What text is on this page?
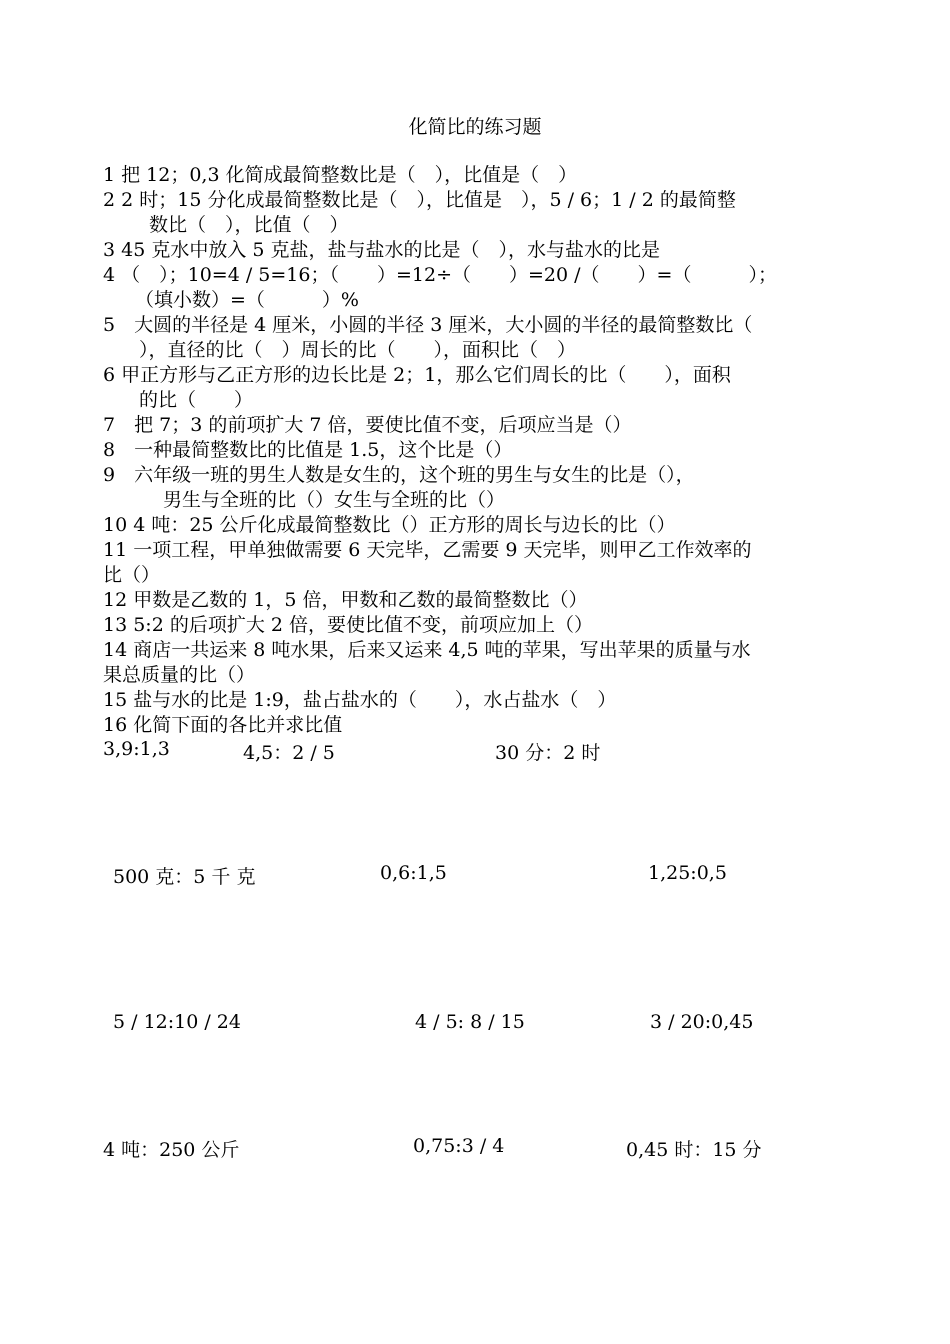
化简比的练习题
1 把 12；0,3 化简成最简整数比是（　），比值是（　）
2 2 时；15 分化成最简整数比是（　），比值是　），5 / 6；1 / 2 的最简整
　数比（　），比值（　）
3 45 克水中放入 5 克盐，盐与盐水的比是（　），水与盐水的比是
4 （　）；10=4 / 5=16；（　　）=12÷（　　）=20 /（　　）=（　　　）；
（填小数）=（　　　）%
5　大圆的半径是 4 厘米，小圆的半径 3 厘米，大小圆的半径的最简整数比（
　），直径的比（　）周长的比（　　），面积比（　）
6 甲正方形与乙正方形的边长比是 2；1，那么它们周长的比（　　），面积
　的比（　　）
7　把 7；3 的前项扩大 7 倍，要使比值不变，后项应当是（）
8　一种最简整数比的比值是 1.5，这个比是（）
9　六年级一班的男生人数是女生的，这个班的男生与女生的比是（），
　　男生与全班的比（）女生与全班的比（）
10 4 吨：25 公斤化成最简整数比（）正方形的周长与边长的比（）
11 一项工程，甲单独做需要 6 天完毕，乙需要 9 天完毕，则甲乙工作效率的
比（）
12 甲数是乙数的 1，5 倍，甲数和乙数的最简整数比（）
13 5:2 的后项扩大 2 倍，要使比值不变，前项应加上（）
14 商店一共运来 8 吨水果，后来又运来 4,5 吨的苹果，写出苹果的质量与水
果总质量的比（）
15 盐与水的比是 1:9，盐占盐水的（　　），水占盐水（　）
16 化简下面的各比并求比值
3,9:1,3	4,5：2 / 5	30 分：2 时
500 克：5 千 克	0,6:1,5	1,25:0,5
5 / 12:10 / 24	4 / 5: 8 / 15	3 / 20:0,45
4 吨：250 公斤	0,75:3 / 4	0,45 时：15 分
